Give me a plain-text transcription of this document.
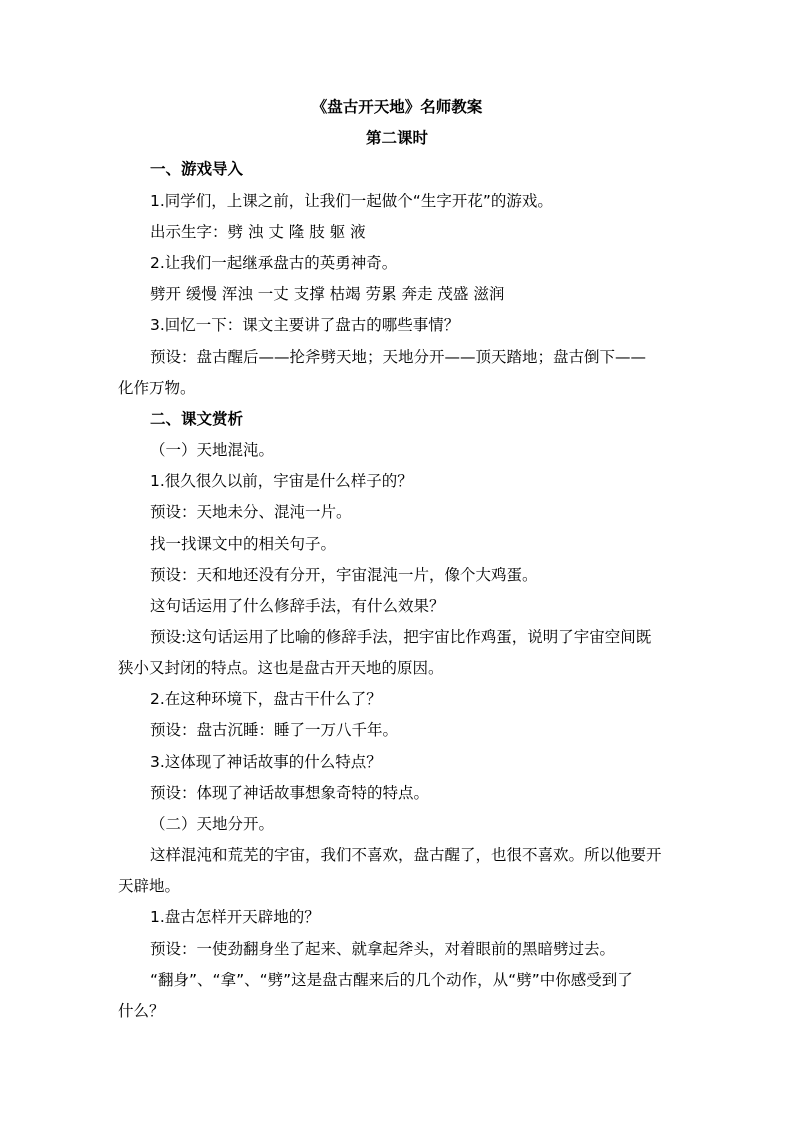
《盘古开天地》名师教案
第二课时
一、游戏导入
1.同学们，上课之前，让我们一起做个“生字开花”的游戏。
出示生字：劈 浊 丈 隆 肢 躯 液
2.让我们一起继承盘古的英勇神奇。
劈开 缓慢 浑浊 一丈 支撑 枯竭 劳累 奔走 茂盛 滋润
3.回忆一下：课文主要讲了盘古的哪些事情？
预设：盘古醒后——抡斧劈天地；天地分开——顶天踏地；盘古倒下——
化作万物。
二、课文赏析
（一）天地混沌。
1.很久很久以前，宇宙是什么样子的？
预设：天地未分、混沌一片。
找一找课文中的相关句子。
预设：天和地还没有分开，宇宙混沌一片，像个大鸡蛋。
这句话运用了什么修辞手法，有什么效果？
预设:这句话运用了比喻的修辞手法，把宇宙比作鸡蛋，说明了宇宙空间既
狭小又封闭的特点。这也是盘古开天地的原因。
2.在这种环境下，盘古干什么了？
预设：盘古沉睡：睡了一万八千年。
3.这体现了神话故事的什么特点？
预设：体现了神话故事想象奇特的特点。
（二）天地分开。
这样混沌和荒芜的宇宙，我们不喜欢，盘古醒了，也很不喜欢。所以他要开
天辟地。
1.盘古怎样开天辟地的？
预设：一使劲翻身坐了起来、就拿起斧头，对着眼前的黑暗劈过去。
“翻身”、“拿”、“劈”这是盘古醒来后的几个动作，从“劈”中你感受到了
什么？
